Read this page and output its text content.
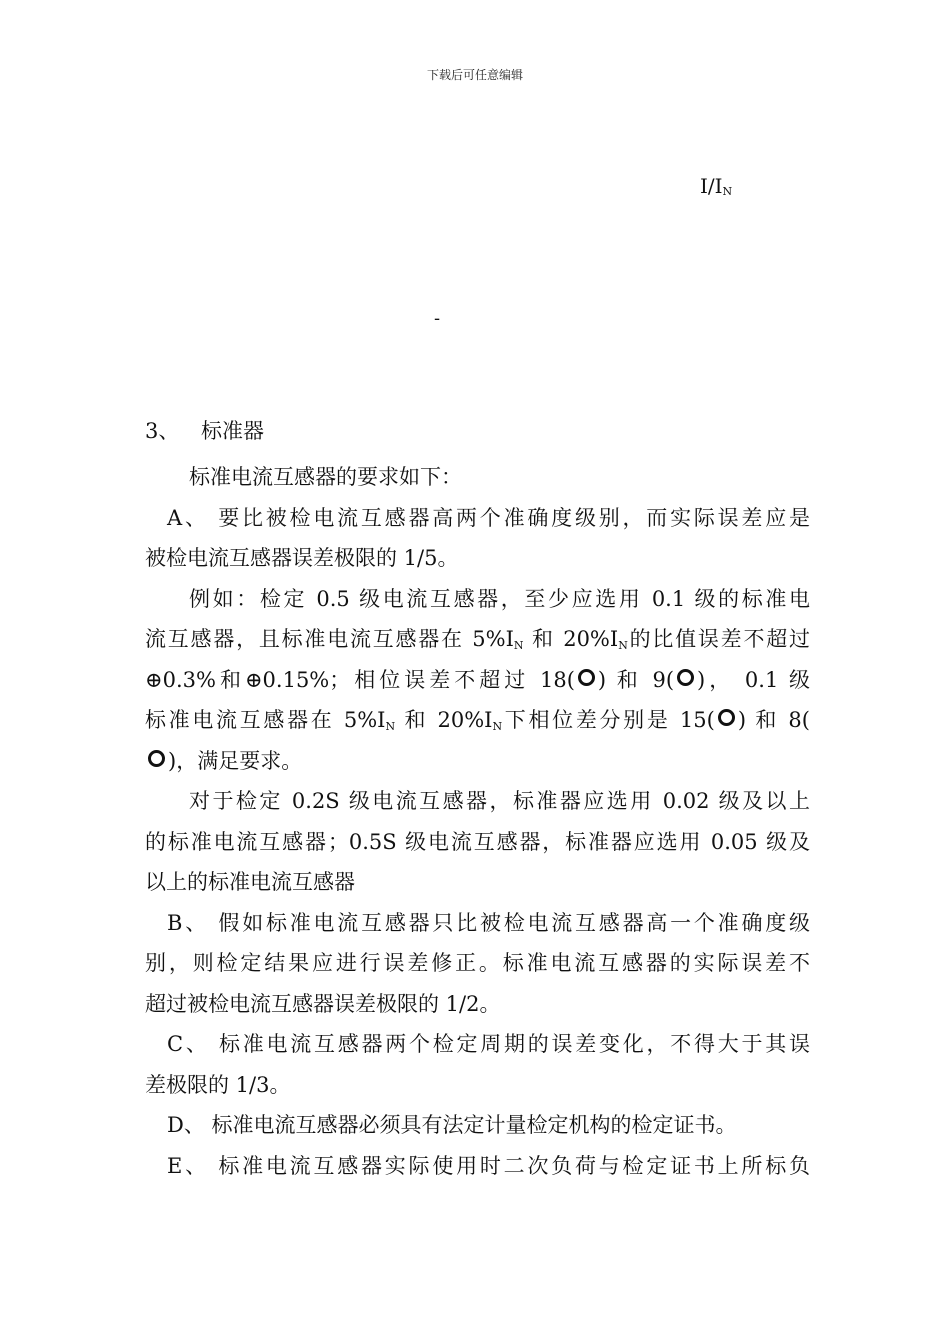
下载后可任意编辑
$I/I_N$
-
3、 标准器
标准电流互感器的要求如下：
A、 要比被检电流互感器高两个准确度级别，而实际误差应是
被检电流互感器误差极限的 1/5。
例如：检定 0.5 级电流互感器，至少应选用 0.1 级的标准电
流互感器，且标准电流互感器在 $5\%I_N$ 和 $20\%I_N$的比值误差不超过
⊕0.3%和⊕0.15%；相位误差不超过 18( ) 和 9( )， 0.1 级
标准电流互感器在 $5\%I_N$ 和 $20\%I_N$下相位差分别是 15( ) 和 8(
)，满足要求。
对于检定 0.2S 级电流互感器，标准器应选用 0.02 级及以上
的标准电流互感器；0.5S 级电流互感器，标准器应选用 0.05 级及
以上的标准电流互感器
B、 假如标准电流互感器只比被检电流互感器高一个准确度级
别，则检定结果应进行误差修正。标准电流互感器的实际误差不
超过被检电流互感器误差极限的 1/2。
C、 标准电流互感器两个检定周期的误差变化，不得大于其误
差极限的 1/3。
D、 标准电流互感器必须具有法定计量检定机构的检定证书。
E、 标准电流互感器实际使用时二次负荷与检定证书上所标负
